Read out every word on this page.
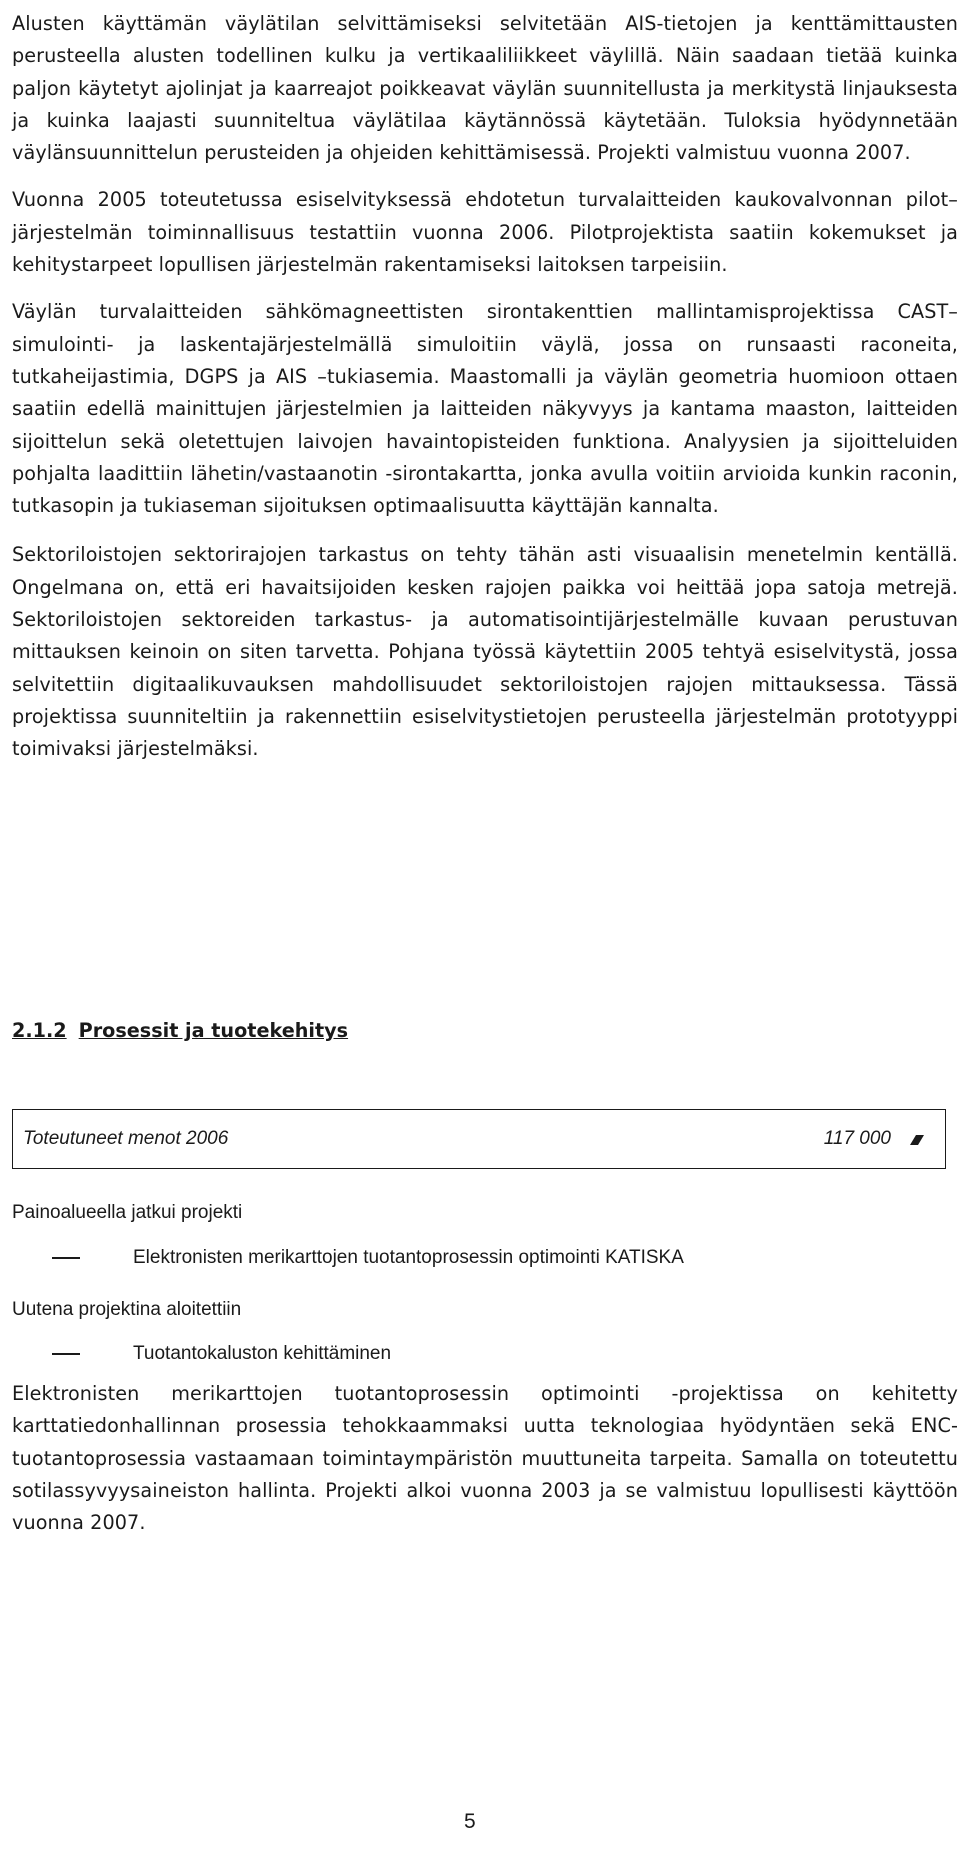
Alusten käyttämän väylätilan selvittämiseksi selvitetään AIS-tietojen ja kenttämittausten perusteella alusten todellinen kulku ja vertikaaliliikkeet väylillä. Näin saadaan tietää kuinka paljon käytetyt ajolinjat ja kaarreajot poikkeavat väylän suunnitellusta ja merkitystä linjauksesta ja kuinka laajasti suunniteltua väylätilaa käytännössä käytetään. Tuloksia hyödynnetään väylänsuunnittelun perusteiden ja ohjeiden kehittämisessä. Projekti valmistuu vuonna 2007.

Vuonna 2005 toteutetussa esiselvityksessä ehdotetun turvalaitteiden kaukovalvonnan pilot–järjestelmän toiminnallisuus testattiin vuonna 2006. Pilotprojektista saatiin kokemukset ja kehitystarpeet lopullisen järjestelmän rakentamiseksi laitoksen tarpeisiin.

Väylän turvalaitteiden sähkömagneettisten sirontakenttien mallintamisprojektissa CAST–simulointi- ja laskentajärjestelmällä simuloitiin väylä, jossa on runsaasti raconeita, tutkaheijastimia, DGPS ja AIS –tukiasemia. Maastomalli ja väylän geometria huomioon ottaen saatiin edellä mainittujen järjestelmien ja laitteiden näkyvyys ja kantama maaston, laitteiden sijoittelun sekä oletettujen laivojen havaintopisteiden funktiona. Analyysien ja sijoitteluiden pohjalta laadittiin lähetin/vastaanotin -sirontakartta, jonka avulla voitiin arvioida kunkin raconin, tutkasopin ja tukiaseman sijoituksen optimaalisuutta käyttäjän kannalta.

Sektoriloistojen sektorirajojen tarkastus on tehty tähän asti visuaalisin menetelmin kentällä. Ongelmana on, että eri havaitsijoiden kesken rajojen paikka voi heittää jopa satoja metrejä. Sektoriloistojen sektoreiden tarkastus- ja automatisointijärjestelmälle kuvaan perustuvan mittauksen keinoin on siten tarvetta. Pohjana työssä käytettiin 2005 tehtyä esiselvitystä, jossa selvitettiin digitaalikuvauksen mahdollisuudet sektoriloistojen rajojen mittauksessa. Tässä projektissa suunniteltiin ja rakennettiin esiselvitystietojen perusteella järjestelmän prototyyppi toimivaksi järjestelmäksi.

2.1.2 Prosessit ja tuotekehitys
Toteutuneet menot 2006	117 000

Painoalueella jatkui projekti

Elektronisten merikarttojen tuotantoprosessin optimointi KATISKA

Uutena projektina aloitettiin

Tuotantokaluston kehittäminen

Elektronisten merikarttojen tuotantoprosessin optimointi -projektissa on kehitetty karttatiedonhallinnan prosessia tehokkaammaksi uutta teknologiaa hyödyntäen sekä ENC-tuotantoprosessia vastaamaan toimintaympäristön muuttuneita tarpeita. Samalla on toteutettu sotilassyvyysaineiston hallinta. Projekti alkoi vuonna 2003 ja se valmistuu lopullisesti käyttöön vuonna 2007.

5
